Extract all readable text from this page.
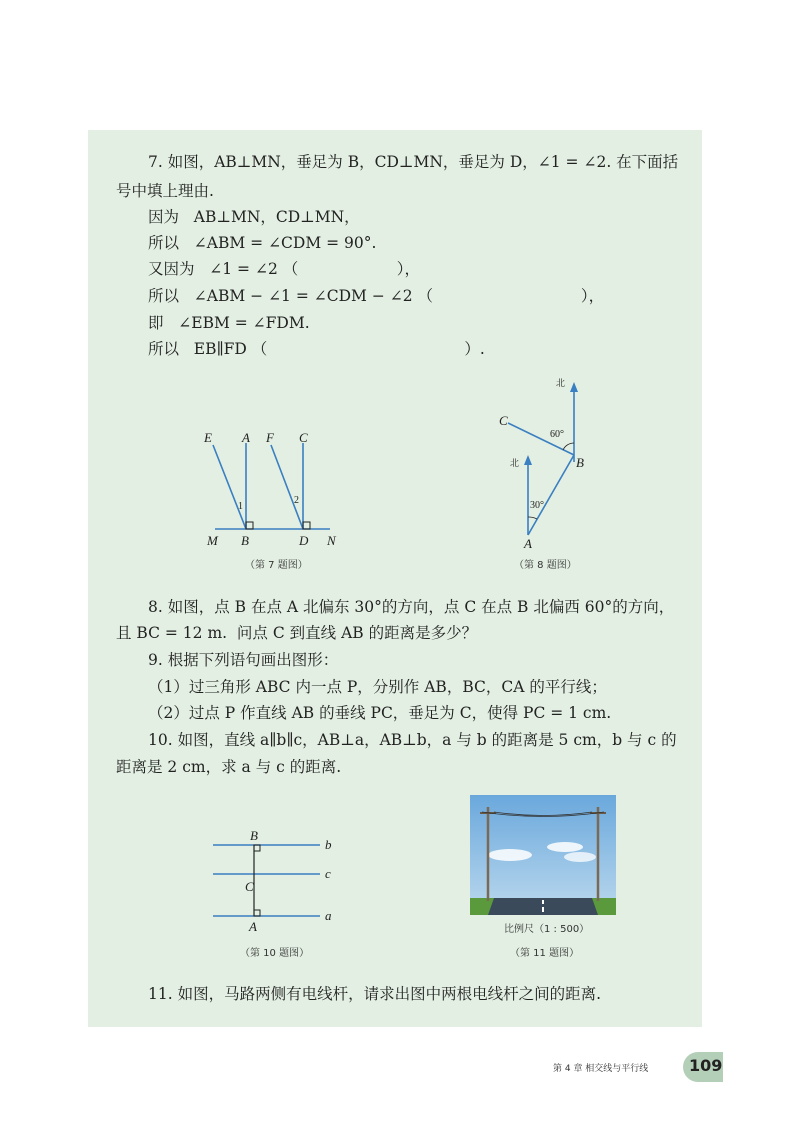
7. 如图，AB⊥MN，垂足为 B，CD⊥MN，垂足为 D，∠1 = ∠2. 在下面括
号中填上理由.
因为   AB⊥MN，CD⊥MN，
所以   ∠ABM = ∠CDM = 90°.
又因为   ∠1 = ∠2 （                    ），
所以   ∠ABM − ∠1 = ∠CDM − ∠2 （                              ），
即   ∠EBM = ∠FDM.
所以   EB∥FD （                                        ）.
E A F C
M B	D N
1
2
（第 7 题图）
北
北
C
B
A
60°
30°
（第 8 题图）
8. 如图，点 B 在点 A 北偏东 30°的方向，点 C 在点 B 北偏西 60°的方向，
且 BC = 12 m.  问点 C 到直线 AB 的距离是多少？
9. 根据下列语句画出图形：
（1）过三角形 ABC 内一点 P，分别作 AB，BC，CA 的平行线；
（2）过点 P 作直线 AB 的垂线 PC，垂足为 C，使得 PC = 1 cm.
10. 如图，直线 a∥b∥c，AB⊥a，AB⊥b，a 与 b 的距离是 5 cm，b 与 c 的
距离是 2 cm，求 a 与 c 的距离.
B
C
A
b
c
a
（第 10 题图）
比例尺（1 : 500）
（第 11 题图）
11. 如图，马路两侧有电线杆，请求出图中两根电线杆之间的距离.
第 4 章 相交线与平行线	109
